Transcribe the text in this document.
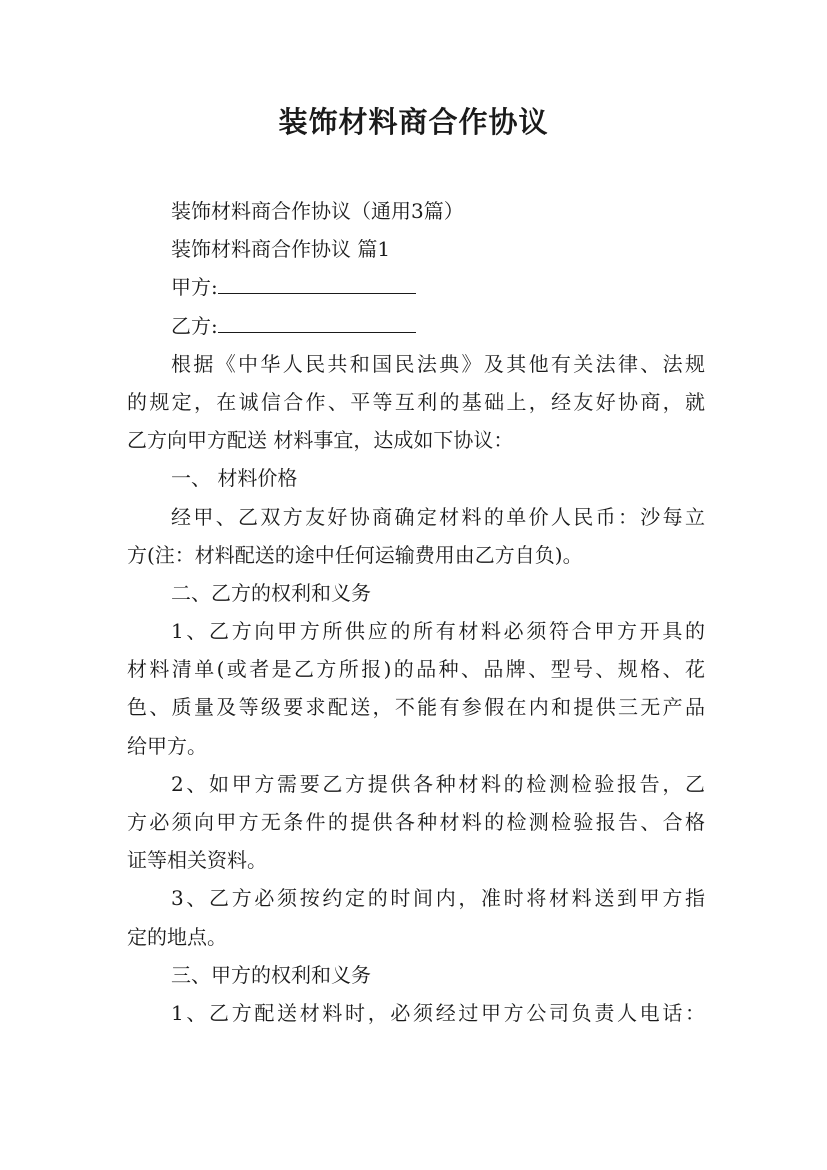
装饰材料商合作协议
装饰材料商合作协议（通用3篇）
装饰材料商合作协议 篇1
甲方:
乙方:
根据《中华人民共和国民法典》及其他有关法律、法规
的规定，在诚信合作、平等互利的基础上，经友好协商，就
乙方向甲方配送 材料事宜，达成如下协议：
一、 材料价格
经甲、乙双方友好协商确定材料的单价人民币：沙每立
方(注：材料配送的途中任何运输费用由乙方自负)。
二、乙方的权利和义务
1、乙方向甲方所供应的所有材料必须符合甲方开具的
材料清单(或者是乙方所报)的品种、品牌、型号、规格、花
色、质量及等级要求配送，不能有参假在内和提供三无产品
给甲方。
2、如甲方需要乙方提供各种材料的检测检验报告，乙
方必须向甲方无条件的提供各种材料的检测检验报告、合格
证等相关资料。
3、乙方必须按约定的时间内，准时将材料送到甲方指
定的地点。
三、甲方的权利和义务
1、乙方配送材料时，必须经过甲方公司负责人电话：
